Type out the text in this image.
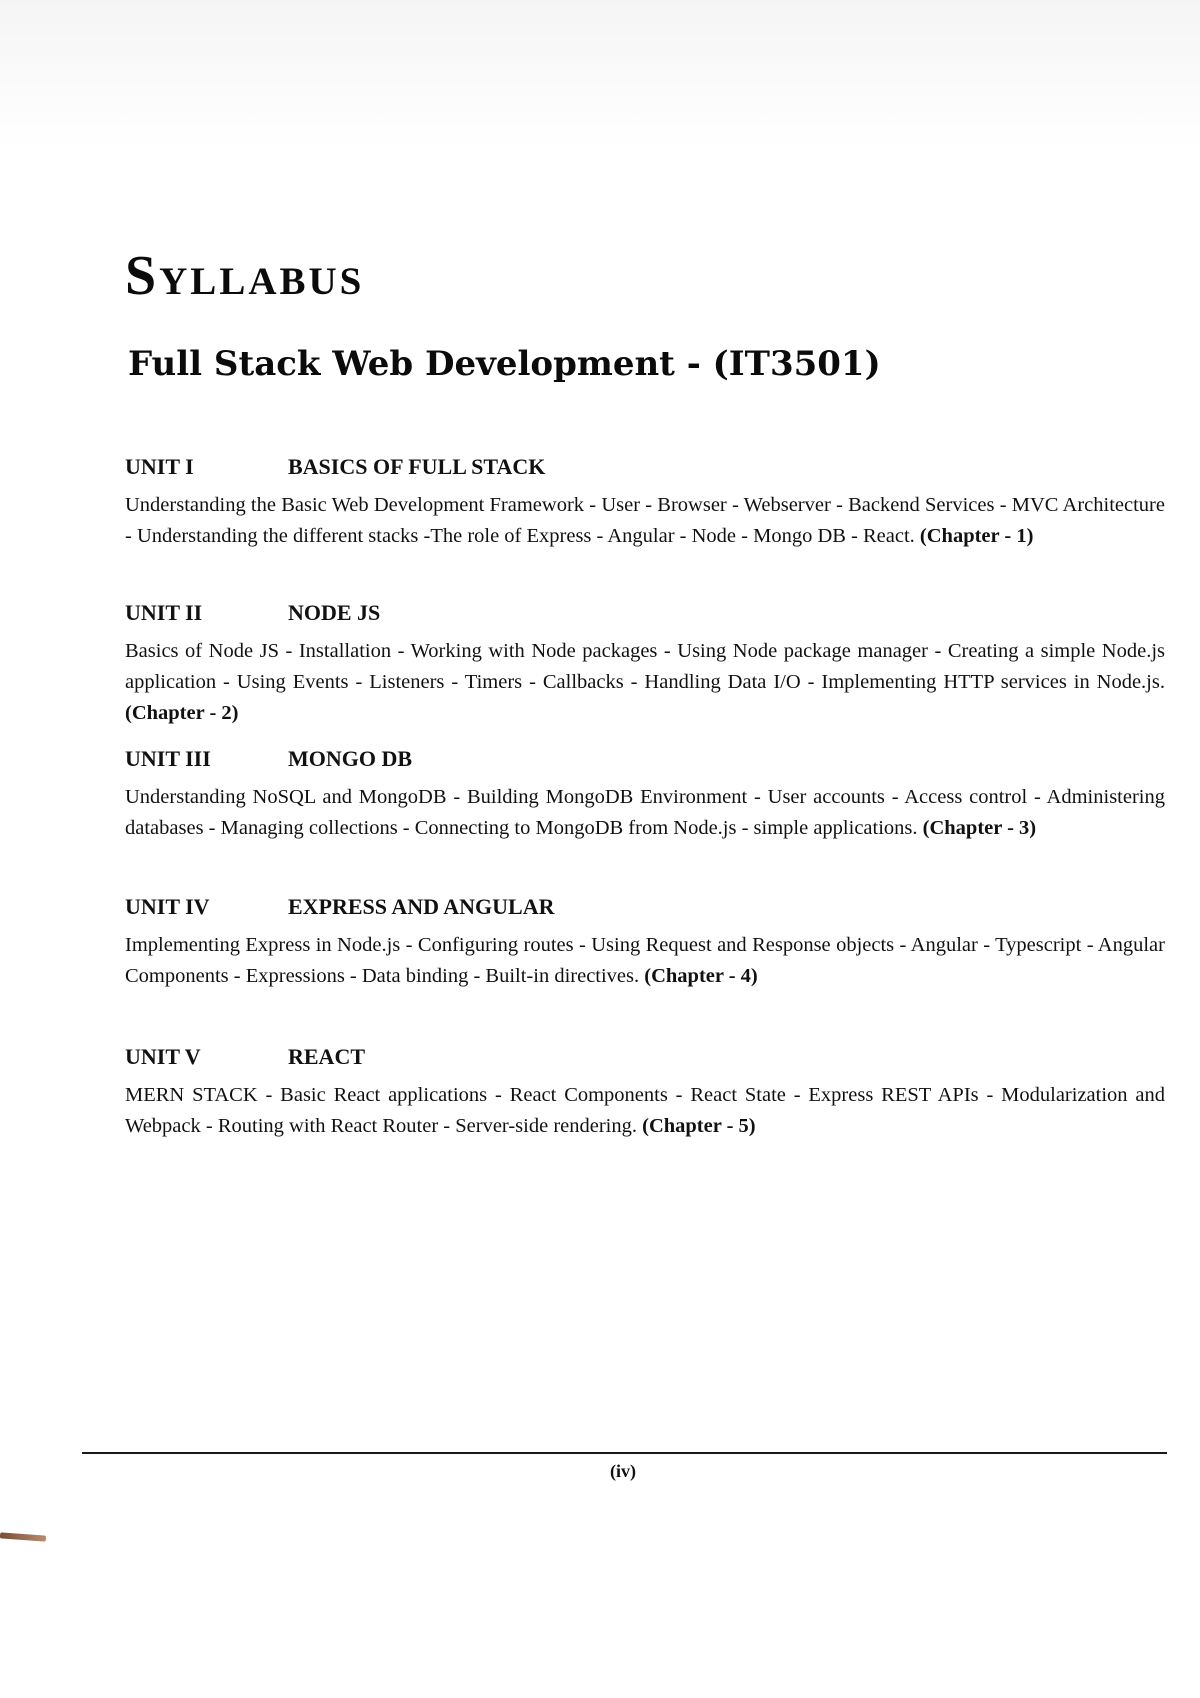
Syllabus
Full Stack Web Development - (IT3501)
UNIT I	BASICS OF FULL STACK
Understanding the Basic Web Development Framework - User - Browser - Webserver - Backend Services - MVC Architecture - Understanding the different stacks -The role of Express - Angular - Node - Mongo DB - React. (Chapter - 1)
UNIT II	NODE JS
Basics of Node JS - Installation - Working with Node packages - Using Node package manager - Creating a simple Node.js application - Using Events - Listeners - Timers - Callbacks - Handling Data I/O - Implementing HTTP services in Node.js. (Chapter - 2)
UNIT III	MONGO DB
Understanding NoSQL and MongoDB - Building MongoDB Environment - User accounts - Access control - Administering databases - Managing collections - Connecting to MongoDB from Node.js - simple applications. (Chapter - 3)
UNIT IV	EXPRESS AND ANGULAR
Implementing Express in Node.js - Configuring routes - Using Request and Response objects - Angular - Typescript - Angular Components - Expressions - Data binding - Built-in directives. (Chapter - 4)
UNIT V	REACT
MERN STACK - Basic React applications - React Components - React State - Express REST APIs - Modularization and Webpack - Routing with React Router - Server-side rendering. (Chapter - 5)
(iv)
